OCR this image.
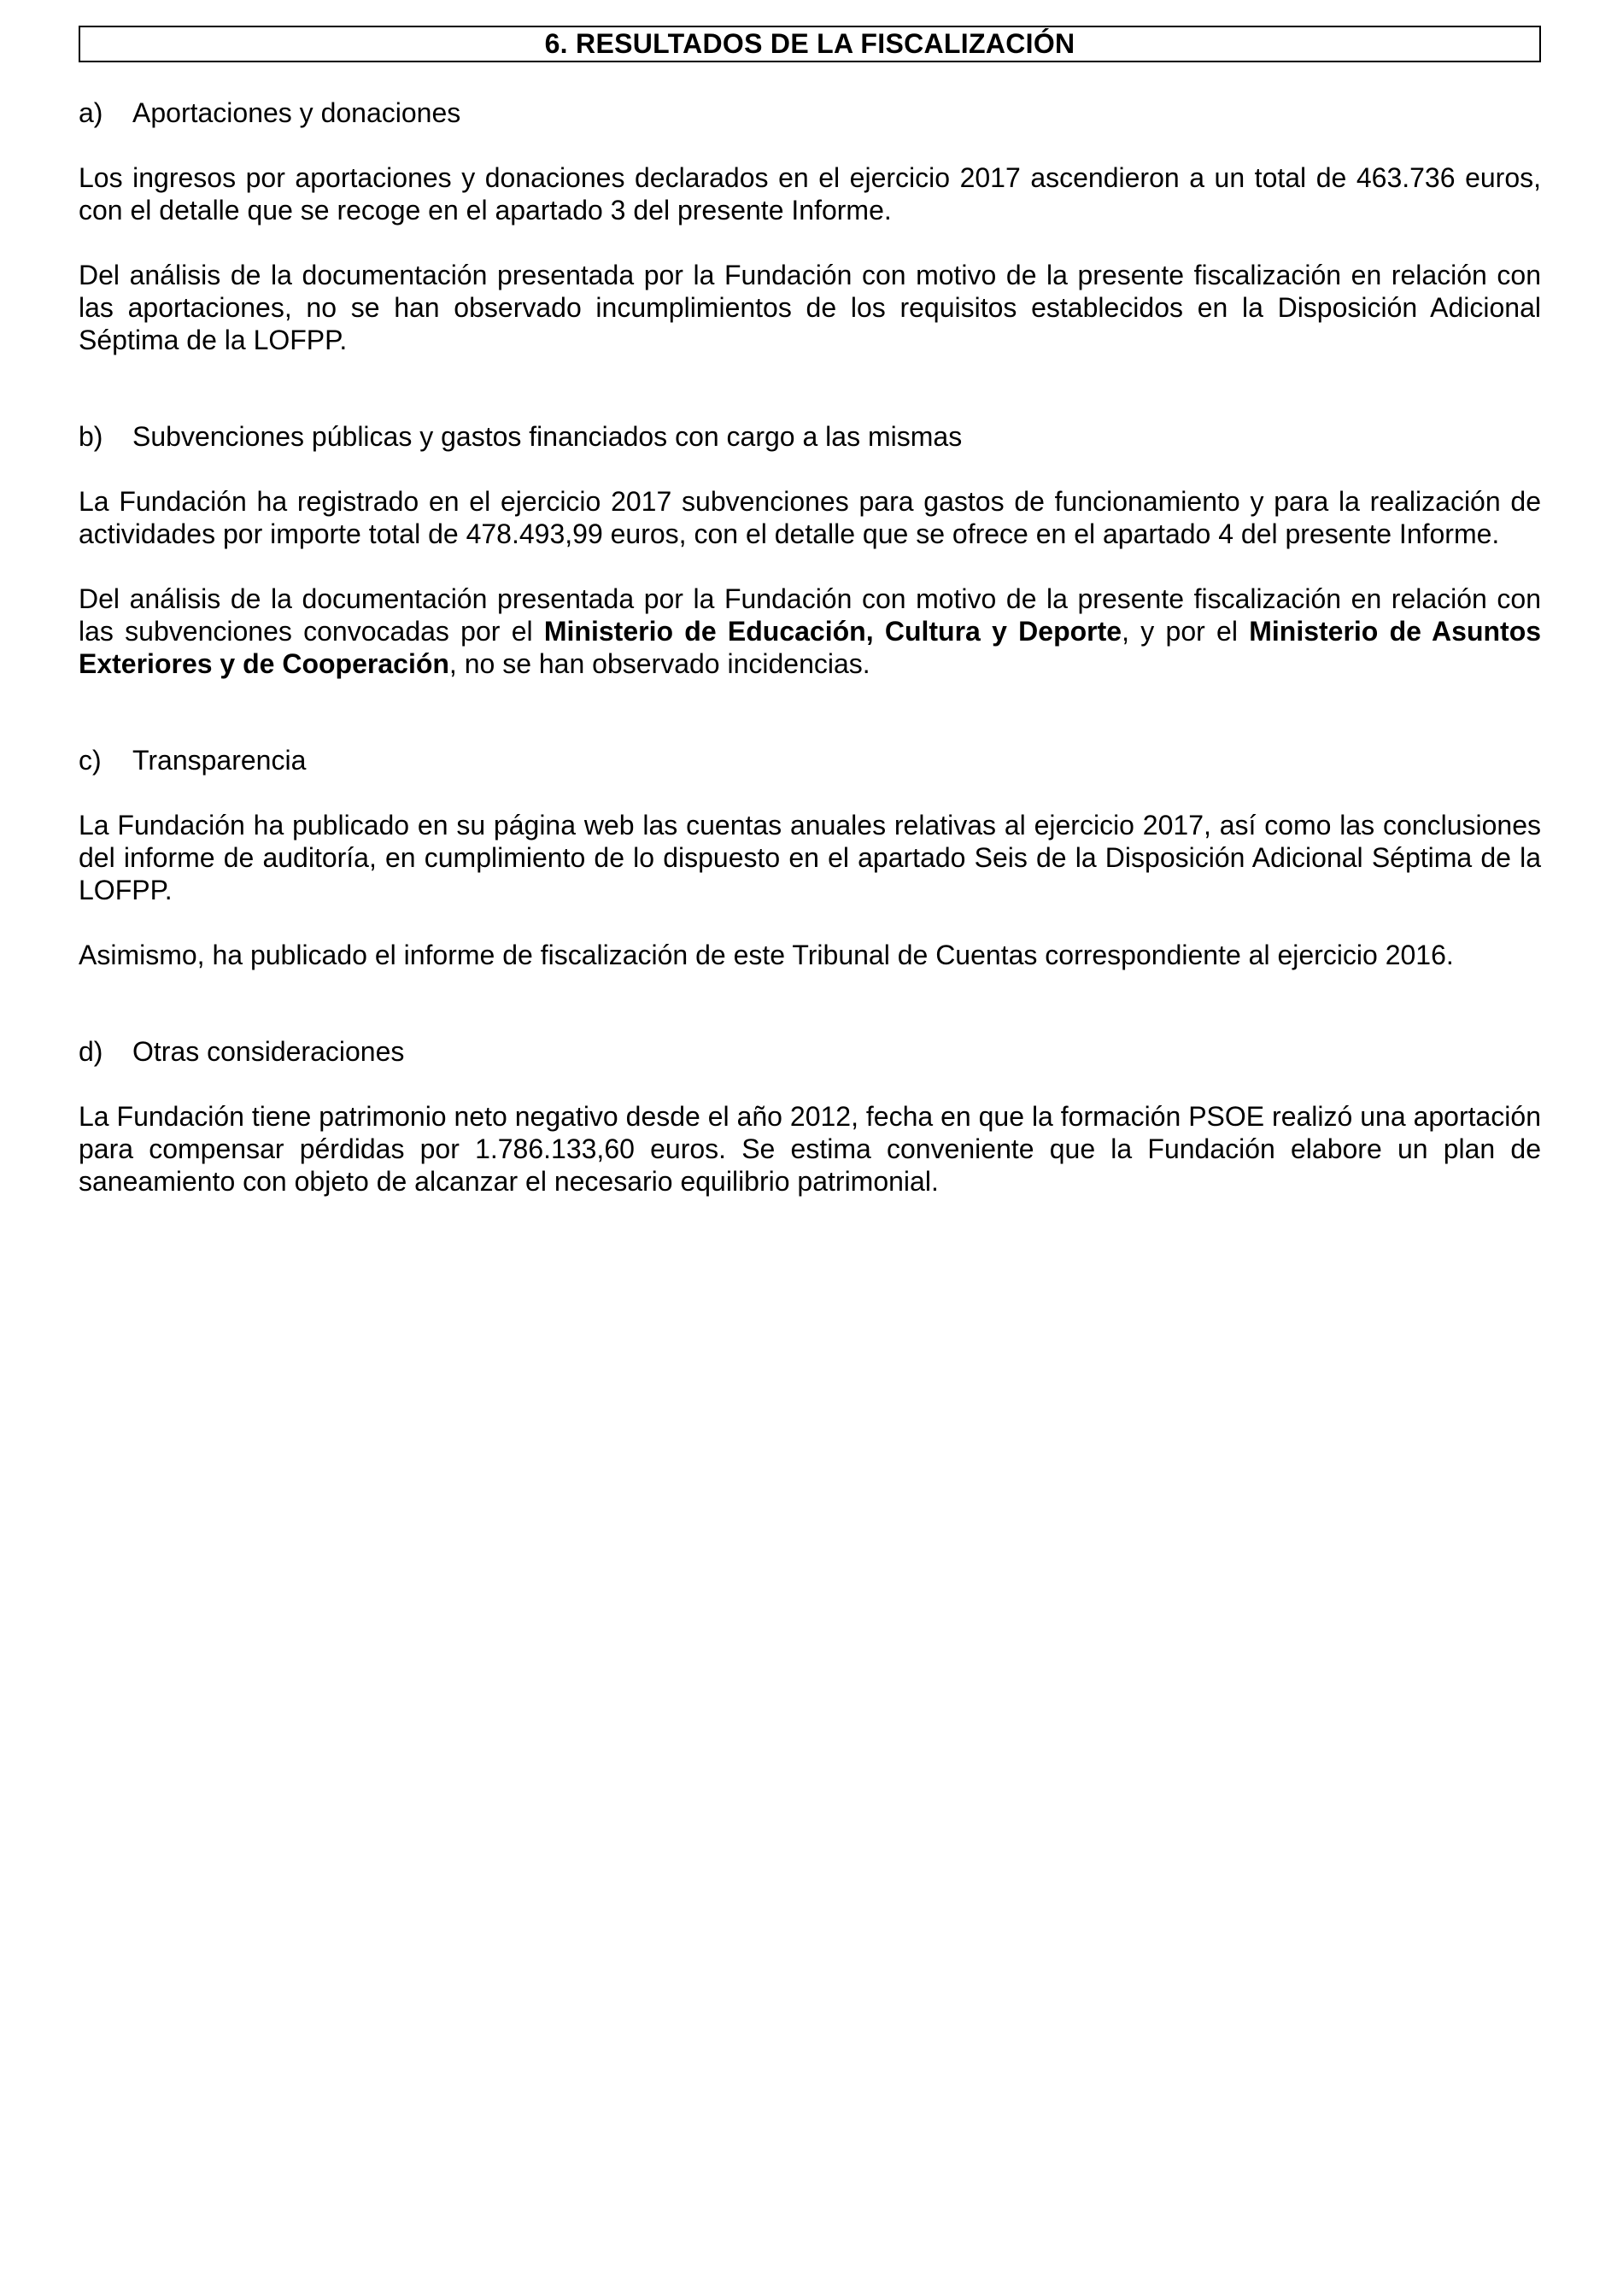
6. RESULTADOS DE LA FISCALIZACIÓN
a)	Aportaciones y donaciones

Los ingresos por aportaciones y donaciones declarados en el ejercicio 2017 ascendieron a un total de 463.736 euros, con el detalle que se recoge en el apartado 3 del presente Informe.

Del análisis de la documentación presentada por la Fundación con motivo de la presente fiscalización en relación con las aportaciones, no se han observado incumplimientos de los requisitos establecidos en la Disposición Adicional Séptima de la LOFPP.

b)	Subvenciones públicas y gastos financiados con cargo a las mismas

La Fundación ha registrado en el ejercicio 2017 subvenciones para gastos de funcionamiento y para la realización de actividades por importe total de 478.493,99 euros, con el detalle que se ofrece en el apartado 4 del presente Informe.

Del análisis de la documentación presentada por la Fundación con motivo de la presente fiscalización en relación con las subvenciones convocadas por el Ministerio de Educación, Cultura y Deporte, y por el Ministerio de Asuntos Exteriores y de Cooperación, no se han observado incidencias.

c)	Transparencia

La Fundación ha publicado en su página web las cuentas anuales relativas al ejercicio 2017, así como las conclusiones del informe de auditoría, en cumplimiento de lo dispuesto en el apartado Seis de la Disposición Adicional Séptima de la LOFPP.

Asimismo, ha publicado el informe de fiscalización de este Tribunal de Cuentas correspondiente al ejercicio 2016.

d)	Otras consideraciones

La Fundación tiene patrimonio neto negativo desde el año 2012, fecha en que la formación PSOE realizó una aportación para compensar pérdidas por 1.786.133,60 euros. Se estima conveniente que la Fundación elabore un plan de saneamiento con objeto de alcanzar el necesario equilibrio patrimonial.
